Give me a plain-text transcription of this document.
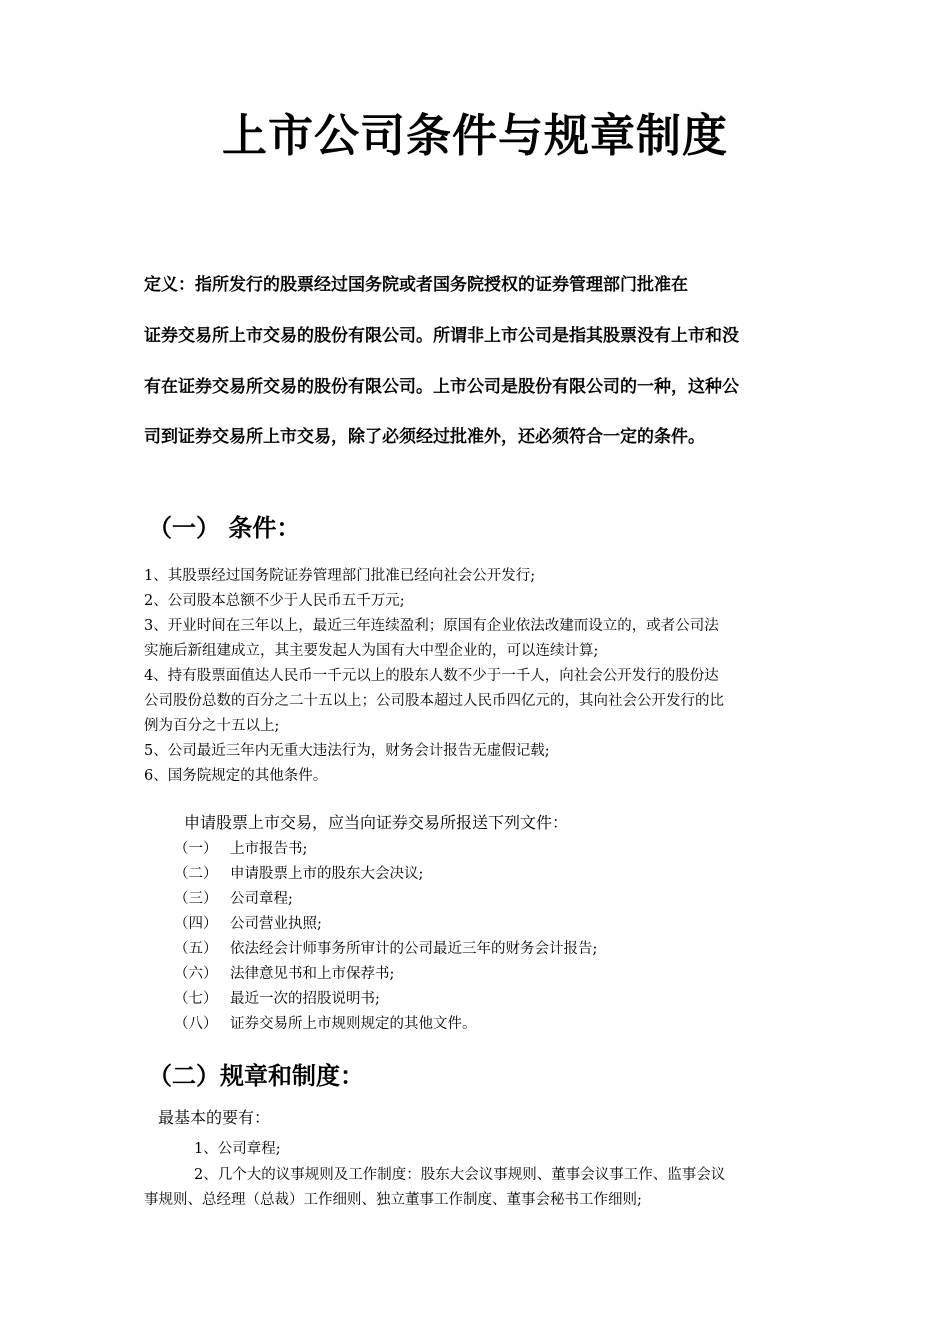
上市公司条件与规章制度
定义：指所发行的股票经过国务院或者国务院授权的证券管理部门批准在
证券交易所上市交易的股份有限公司。所谓非上市公司是指其股票没有上市和没
有在证券交易所交易的股份有限公司。上市公司是股份有限公司的一种，这种公
司到证券交易所上市交易，除了必须经过批准外，还必须符合一定的条件。
（一） 条件：
1、其股票经过国务院证券管理部门批准已经向社会公开发行;
2、公司股本总额不少于人民币五千万元;
3、开业时间在三年以上，最近三年连续盈利；原国有企业依法改建而设立的，或者公司法
实施后新组建成立，其主要发起人为国有大中型企业的，可以连续计算;
4、持有股票面值达人民币一千元以上的股东人数不少于一千人，向社会公开发行的股份达
公司股份总数的百分之二十五以上；公司股本超过人民币四亿元的，其向社会公开发行的比
例为百分之十五以上;
5、公司最近三年内无重大违法行为，财务会计报告无虚假记载;
6、国务院规定的其他条件。
申请股票上市交易，应当向证券交易所报送下列文件：
（一） 上市报告书;
（二） 申请股票上市的股东大会决议;
（三） 公司章程;
（四） 公司营业执照;
（五） 依法经会计师事务所审计的公司最近三年的财务会计报告;
（六） 法律意见书和上市保荐书;
（七） 最近一次的招股说明书;
（八） 证券交易所上市规则规定的其他文件。
（二）规章和制度：
最基本的要有：
1、公司章程;
2、几个大的议事规则及工作制度：股东大会议事规则、董事会议事工作、监事会议
事规则、总经理（总裁）工作细则、独立董事工作制度、董事会秘书工作细则;
